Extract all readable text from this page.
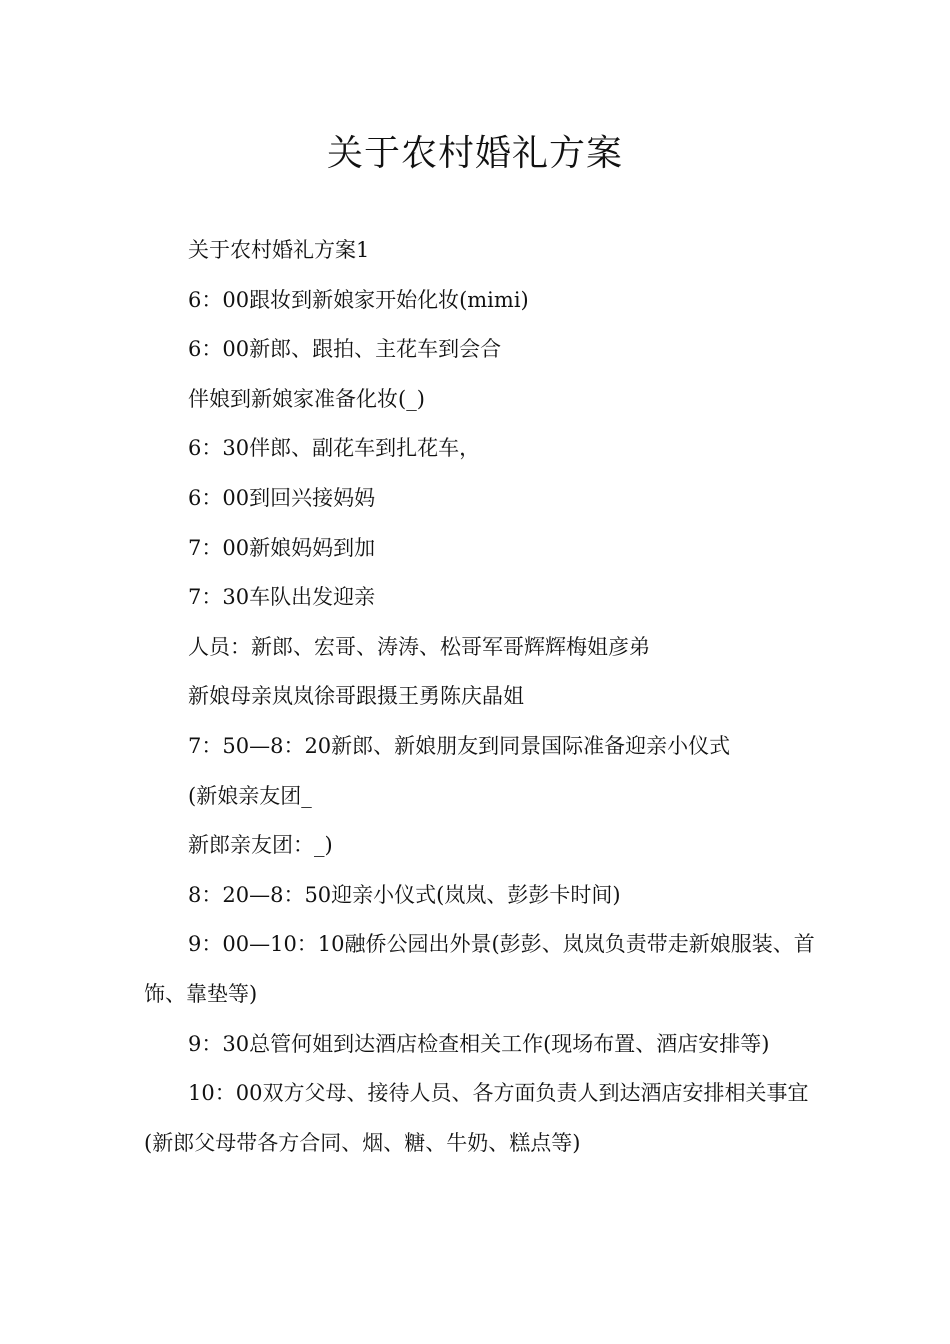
关于农村婚礼方案

关于农村婚礼方案1

6：00跟妆到新娘家开始化妆(mimi)

6：00新郎、跟拍、主花车到会合

伴娘到新娘家准备化妆(_)

6：30伴郎、副花车到扎花车，

6：00到回兴接妈妈

7：00新娘妈妈到加

7：30车队出发迎亲

人员：新郎、宏哥、涛涛、松哥军哥辉辉梅姐彦弟

新娘母亲岚岚徐哥跟摄王勇陈庆晶姐

7：50—8：20新郎、新娘朋友到同景国际准备迎亲小仪式

(新娘亲友团_

新郎亲友团：_)

8：20—8：50迎亲小仪式(岚岚、彭彭卡时间)

9：00—10：10融侨公园出外景(彭彭、岚岚负责带走新娘服装、首饰、靠垫等)

9：30总管何姐到达酒店检查相关工作(现场布置、酒店安排等)

10：00双方父母、接待人员、各方面负责人到达酒店安排相关事宜(新郎父母带各方合同、烟、糖、牛奶、糕点等)
